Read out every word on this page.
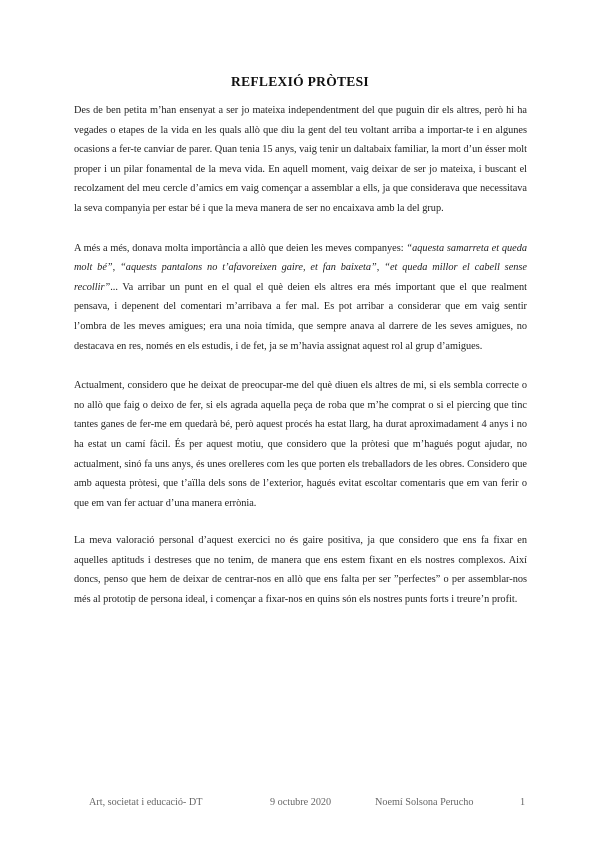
REFLEXIÓ PRÒTESI

Des de ben petita m’han ensenyat a ser jo mateixa independentment del que puguin dir els altres, però hi ha vegades o etapes de la vida en les quals allò que diu la gent del teu voltant arriba a importar-te i en algunes ocasions a fer-te canviar de parer. Quan tenia 15 anys, vaig tenir un daltabaix familiar, la mort d’un ésser molt proper i un pilar fonamental de la meva vida. En aquell moment, vaig deixar de ser jo mateixa, i buscant el recolzament del meu cercle d’amics em vaig començar a assemblar a ells, ja que considerava que necessitava la seva companyia per estar bé i que la meva manera de ser no encaixava amb la del grup.

A més a més, donava molta importància a allò que deien les meves companyes: “aquesta samarreta et queda molt bé”, “aquests pantalons no t’afavoreixen gaire, et fan baixeta”, “et queda millor el cabell sense recollir”... Va arribar un punt en el qual el què deien els altres era més important que el que realment pensava, i depenent del comentari m’arribava a fer mal. Es pot arribar a considerar que em vaig sentir l’ombra de les meves amigues; era una noia tímida, que sempre anava al darrere de les seves amigues, no destacava en res, només en els estudis, i de fet, ja se m’havia assignat aquest rol al grup d’amigues.

Actualment, considero que he deixat de preocupar-me del què diuen els altres de mi, si els sembla correcte o no allò que faig o deixo de fer, si els agrada aquella peça de roba que m’he comprat o si el piercing que tinc tantes ganes de fer-me em quedarà bé, però aquest procés ha estat llarg, ha durat aproximadament 4 anys i no ha estat un camí fàcil. És per aquest motiu, que considero que la pròtesi que m’hagués pogut ajudar, no actualment, sinó fa uns anys, és unes orelleres com les que porten els treballadors de les obres. Considero que amb aquesta pròtesi, que t’aïlla dels sons de l’exterior, hagués evitat escoltar comentaris que em van ferir o que em van fer actuar d’una manera errònia.

La meva valoració personal d’aquest exercici no és gaire positiva, ja que considero que ens fa fixar en aquelles aptituds i destreses que no tenim, de manera que ens estem fixant en els nostres complexos. Així doncs, penso que hem de deixar de centrar-nos en allò que ens falta per ser ”perfectes” o per assemblar-nos més al prototip de persona ideal, i començar a fixar-nos en quins són els nostres punts forts i treure’n profit.

Art, societat i educació- DT	9 octubre 2020	Noemí Solsona Perucho	1
